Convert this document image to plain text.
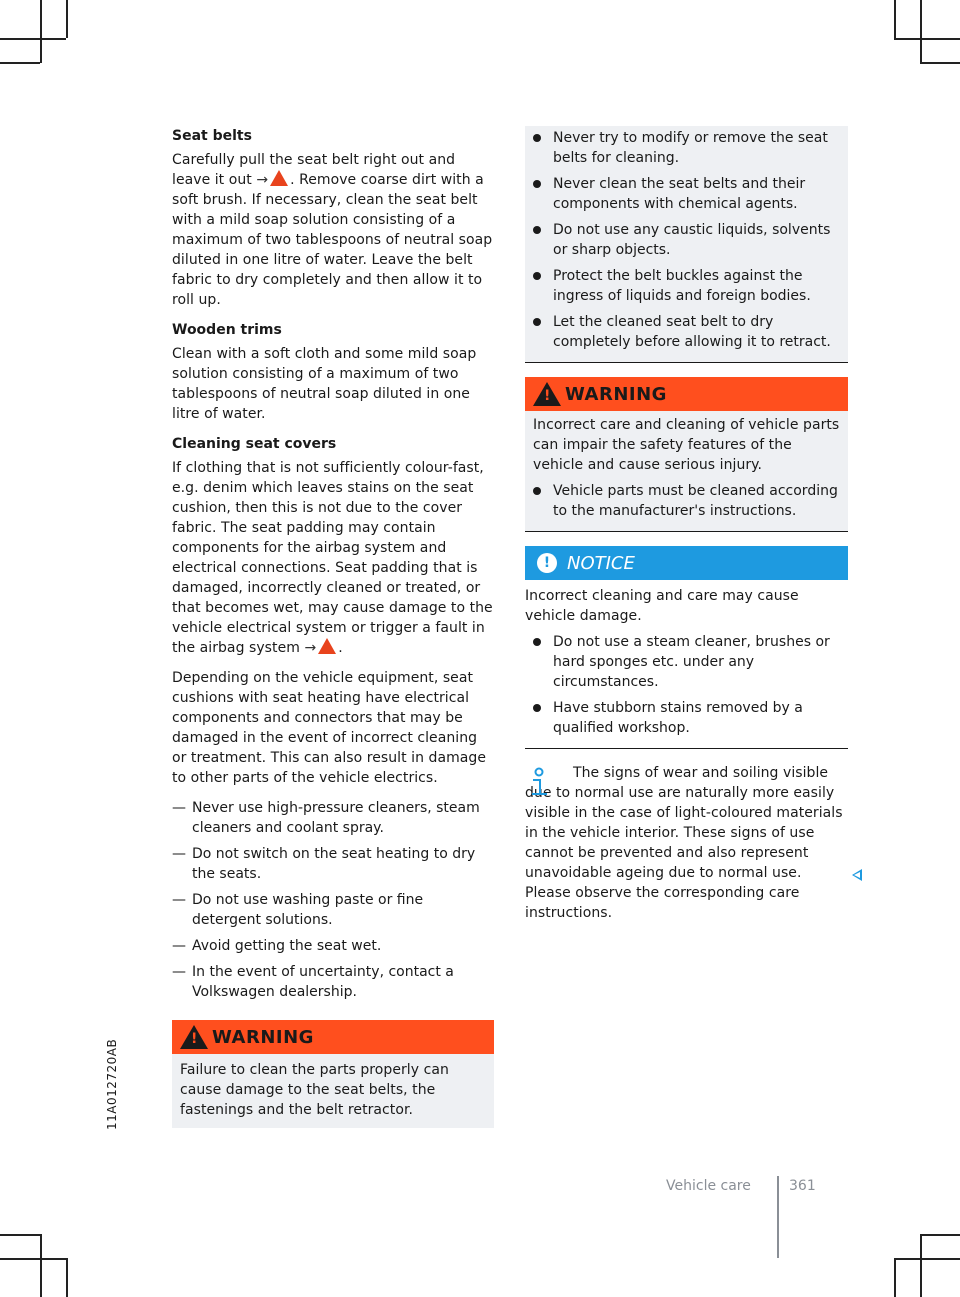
11A012720AB
Seat belts

Carefully pull the seat belt right out and leave it out → . Remove coarse dirt with a soft brush. If necessary, clean the seat belt with a mild soap solution consisting of a maximum of two tablespoons of neutral soap diluted in one litre of water. Leave the belt fabric to dry completely and then allow it to roll up.

Wooden trims

Clean with a soft cloth and some mild soap solution consisting of a maximum of two tablespoons of neutral soap diluted in one litre of water.

Cleaning seat covers

If clothing that is not sufficiently colour-fast, e.g. denim which leaves stains on the seat cushion, then this is not due to the cover fabric. The seat padding may contain components for the airbag system and electrical connections. Seat padding that is damaged, incorrectly cleaned or treated, or that becomes wet, may cause damage to the vehicle electrical system or trigger a fault in the airbag system → .

Depending on the vehicle equipment, seat cushions with seat heating have electrical components and connectors that may be damaged in the event of incorrect cleaning or treatment. This can also result in damage to other parts of the vehicle electrics.

— Never use high-pressure cleaners, steam cleaners and coolant spray.
— Do not switch on the seat heating to dry the seats.
— Do not use washing paste or fine detergent solutions.
— Avoid getting the seat wet.
— In the event of uncertainty, contact a Volkswagen dealership.
!
WARNING

Failure to clean the parts properly can cause damage to the seat belts, the fastenings and the belt retractor.

Never try to modify or remove the seat belts for cleaning.
Never clean the seat belts and their components with chemical agents.
Do not use any caustic liquids, solvents or sharp objects.
Protect the belt buckles against the ingress of liquids and foreign bodies.
Let the cleaned seat belt to dry completely before allowing it to retract.
!
WARNING

Incorrect care and cleaning of vehicle parts can impair the safety features of the vehicle and cause serious injury.

Vehicle parts must be cleaned according to the manufacturer's instructions.
! NOTICE

Incorrect cleaning and care may cause vehicle damage.

Do not use a steam cleaner, brushes or hard sponges etc. under any circumstances.
Have stubborn stains removed by a qualified workshop.

The signs of wear and soiling visible due to normal use are naturally more easily visible in the case of light-coloured materials in the vehicle interior. These signs of use cannot be prevented and also represent unavoidable ageing due to normal use. Please observe the corresponding care instructions.

Vehicle care	361
